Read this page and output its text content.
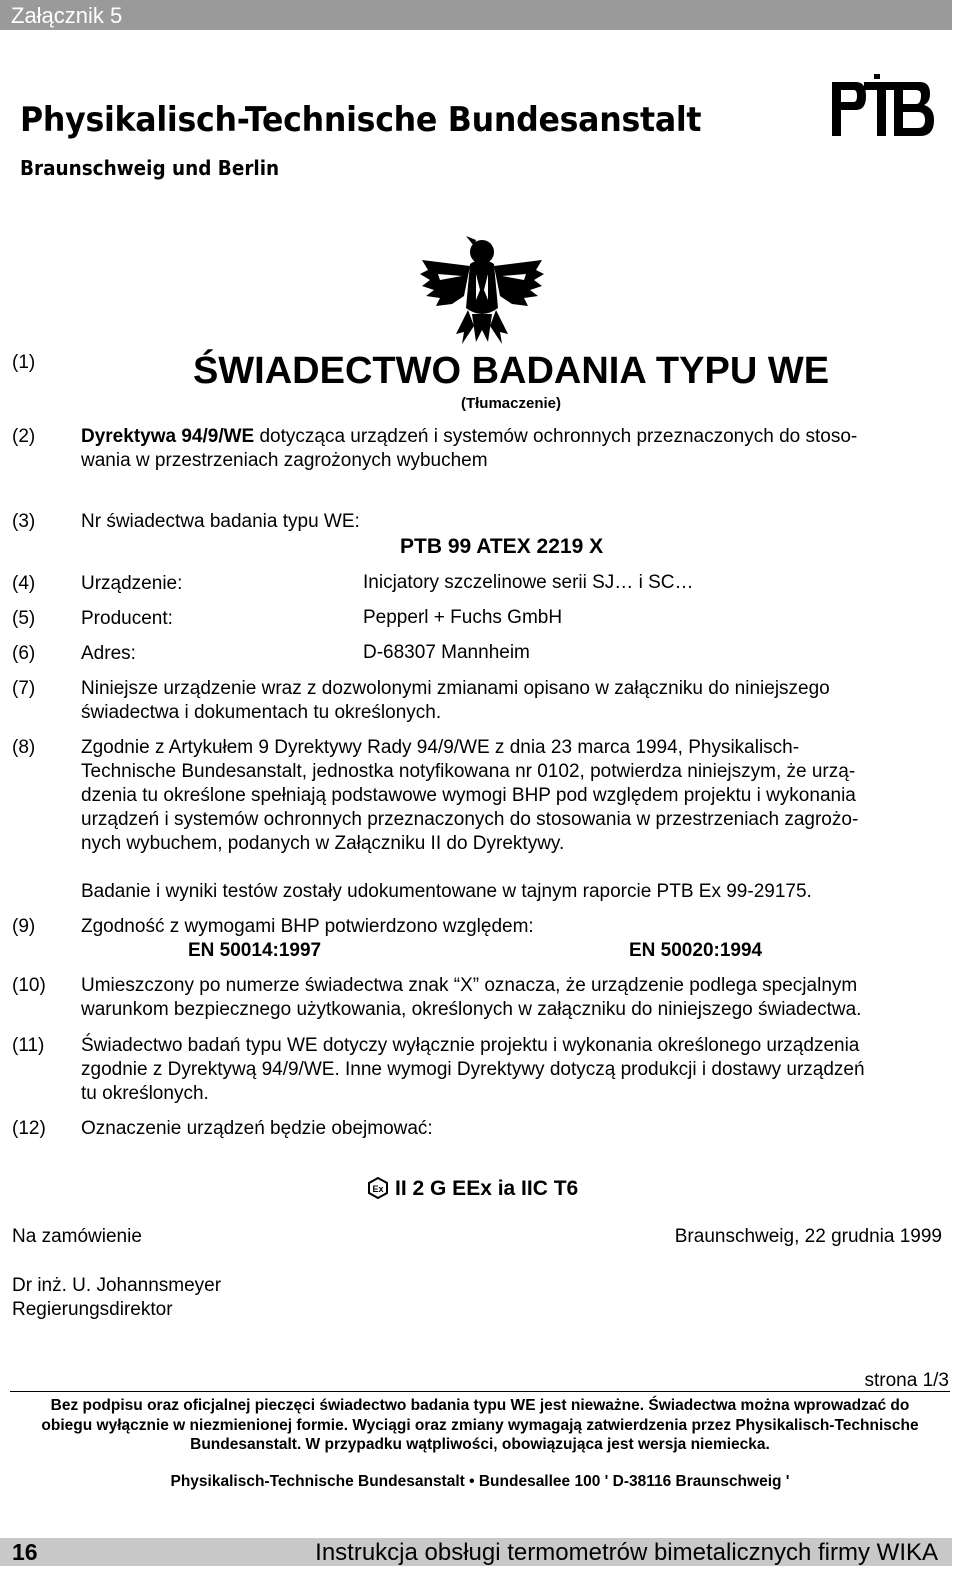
Załącznik 5
Physikalisch-Technische Bundesanstalt
Braunschweig und Berlin
(1)	ŚWIADECTWO BADANIA TYPU WE
(Tłumaczenie)
(2) Dyrektywa 94/9/WE dotycząca urządzeń i systemów ochronnych przeznaczonych do stoso-
wania w przestrzeniach zagrożonych wybuchem
(3) Nr świadectwa badania typu WE:
PTB 99 ATEX 2219 X
(4) Urządzenie:	Inicjatory szczelinowe serii SJ… i SC…
(5) Producent:	Pepperl + Fuchs GmbH
(6) Adres:	D-68307 Mannheim
(7) Niniejsze urządzenie wraz z dozwolonymi zmianami opisano w załączniku do niniejszego
świadectwa i dokumentach tu określonych.
(8) Zgodnie z Artykułem 9 Dyrektywy Rady 94/9/WE z dnia 23 marca 1994, Physikalisch-
Technische Bundesanstalt, jednostka notyfikowana nr 0102, potwierdza niniejszym, że urzą-
dzenia tu określone spełniają podstawowe wymogi BHP pod względem projektu i wykonania
urządzeń i systemów ochronnych przeznaczonych do stosowania w przestrzeniach zagrożo-
nych wybuchem, podanych w Załączniku II do Dyrektywy.
Badanie i wyniki testów zostały udokumentowane w tajnym raporcie PTB Ex 99-29175.
(9) Zgodność z wymogami BHP potwierdzono względem:
EN 50014:1997	EN 50020:1994
(10) Umieszczony po numerze świadectwa znak “X” oznacza, że urządzenie podlega specjalnym
warunkom bezpiecznego użytkowania, określonych w załączniku do niniejszego świadectwa.
(11) Świadectwo badań typu WE dotyczy wyłącznie projektu i wykonania określonego urządzenia
zgodnie z Dyrektywą 94/9/WE. Inne wymogi Dyrektywy dotyczą produkcji i dostawy urządzeń
tu określonych.
(12) Oznaczenie urządzeń będzie obejmować:
Ex II 2 G EEx ia IIC T6
Na zamówienie	Braunschweig, 22 grudnia 1999
Dr inż. U. Johannsmeyer
Regierungsdirektor
strona 1/3
Bez podpisu oraz oficjalnej pieczęci świadectwo badania typu WE jest nieważne. Świadectwa można wprowadzać do
obiegu wyłącznie w niezmienionej formie. Wyciągi oraz zmiany wymagają zatwierdzenia przez Physikalisch-Technische
Bundesanstalt. W przypadku wątpliwości, obowiązująca jest wersja niemiecka.
Physikalisch-Technische Bundesanstalt • Bundesallee 100 ' D-38116 Braunschweig '
16	Instrukcja obsługi termometrów bimetalicznych firmy WIKA
